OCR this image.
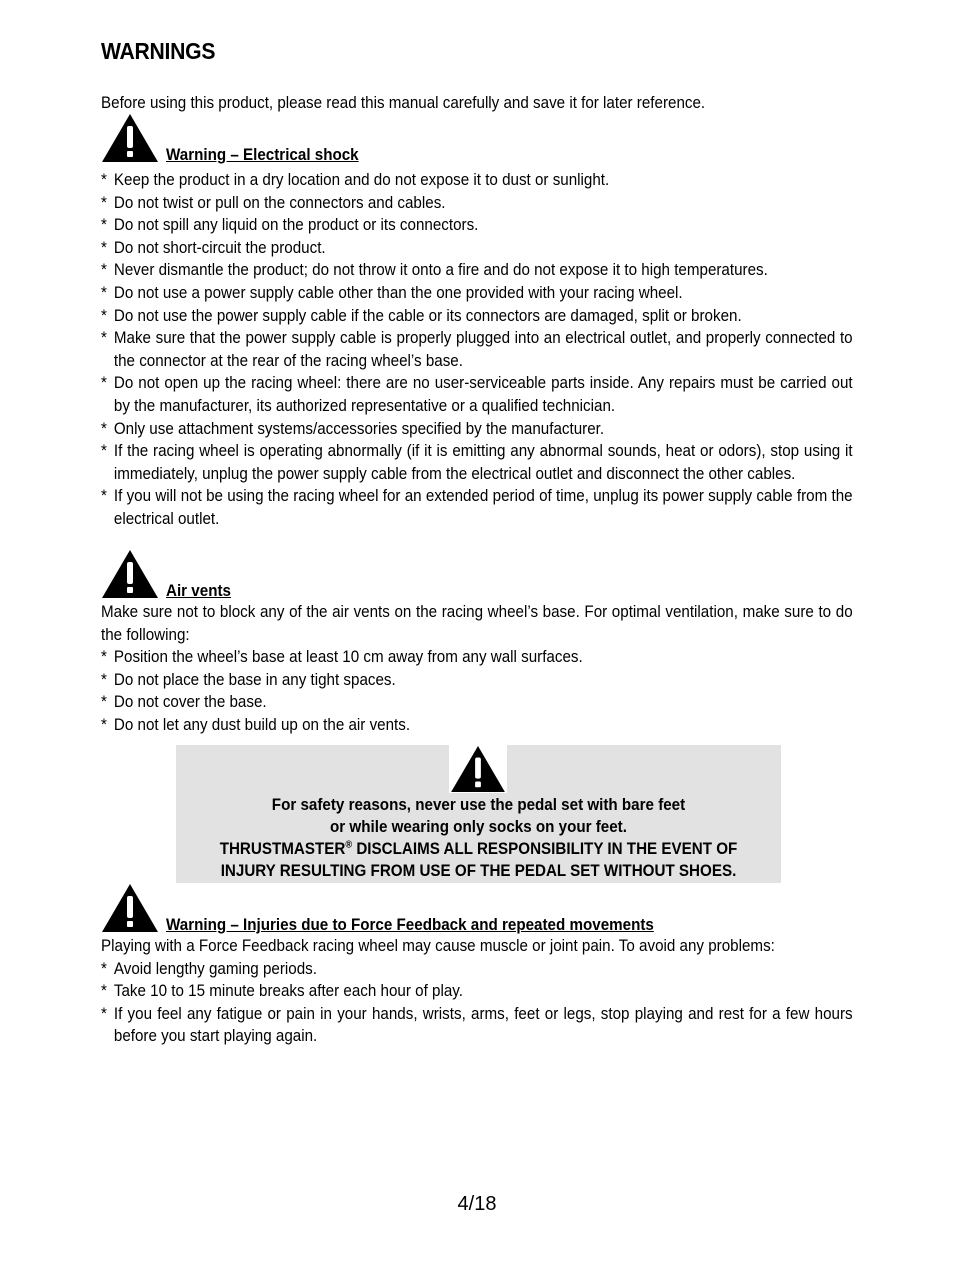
WARNINGS

Before using this product, please read this manual carefully and save it for later reference.

Warning – Electrical shock
* Keep the product in a dry location and do not expose it to dust or sunlight.
* Do not twist or pull on the connectors and cables.
* Do not spill any liquid on the product or its connectors.
* Do not short-circuit the product.
* Never dismantle the product; do not throw it onto a fire and do not expose it to high temperatures.
* Do not use a power supply cable other than the one provided with your racing wheel.
* Do not use the power supply cable if the cable or its connectors are damaged, split or broken.
* Make sure that the power supply cable is properly plugged into an electrical outlet, and properly connected to the connector at the rear of the racing wheel’s base.
* Do not open up the racing wheel: there are no user-serviceable parts inside. Any repairs must be carried out by the manufacturer, its authorized representative or a qualified technician.
* Only use attachment systems/accessories specified by the manufacturer.
* If the racing wheel is operating abnormally (if it is emitting any abnormal sounds, heat or odors), stop using it immediately, unplug the power supply cable from the electrical outlet and disconnect the other cables.
* If you will not be using the racing wheel for an extended period of time, unplug its power supply cable from the electrical outlet.
Air vents

Make sure not to block any of the air vents on the racing wheel’s base. For optimal ventilation, make sure to do the following:

* Position the wheel’s base at least 10 cm away from any wall surfaces.
* Do not place the base in any tight spaces.
* Do not cover the base.
* Do not let any dust build up on the air vents.
For safety reasons, never use the pedal set with bare feet
or while wearing only socks on your feet.
THRUSTMASTER® DISCLAIMS ALL RESPONSIBILITY IN THE EVENT OF
INJURY RESULTING FROM USE OF THE PEDAL SET WITHOUT SHOES.
Warning – Injuries due to Force Feedback and repeated movements

Playing with a Force Feedback racing wheel may cause muscle or joint pain. To avoid any problems:

* Avoid lengthy gaming periods.
* Take 10 to 15 minute breaks after each hour of play.
* If you feel any fatigue or pain in your hands, wrists, arms, feet or legs, stop playing and rest for a few hours before you start playing again.
4/18
